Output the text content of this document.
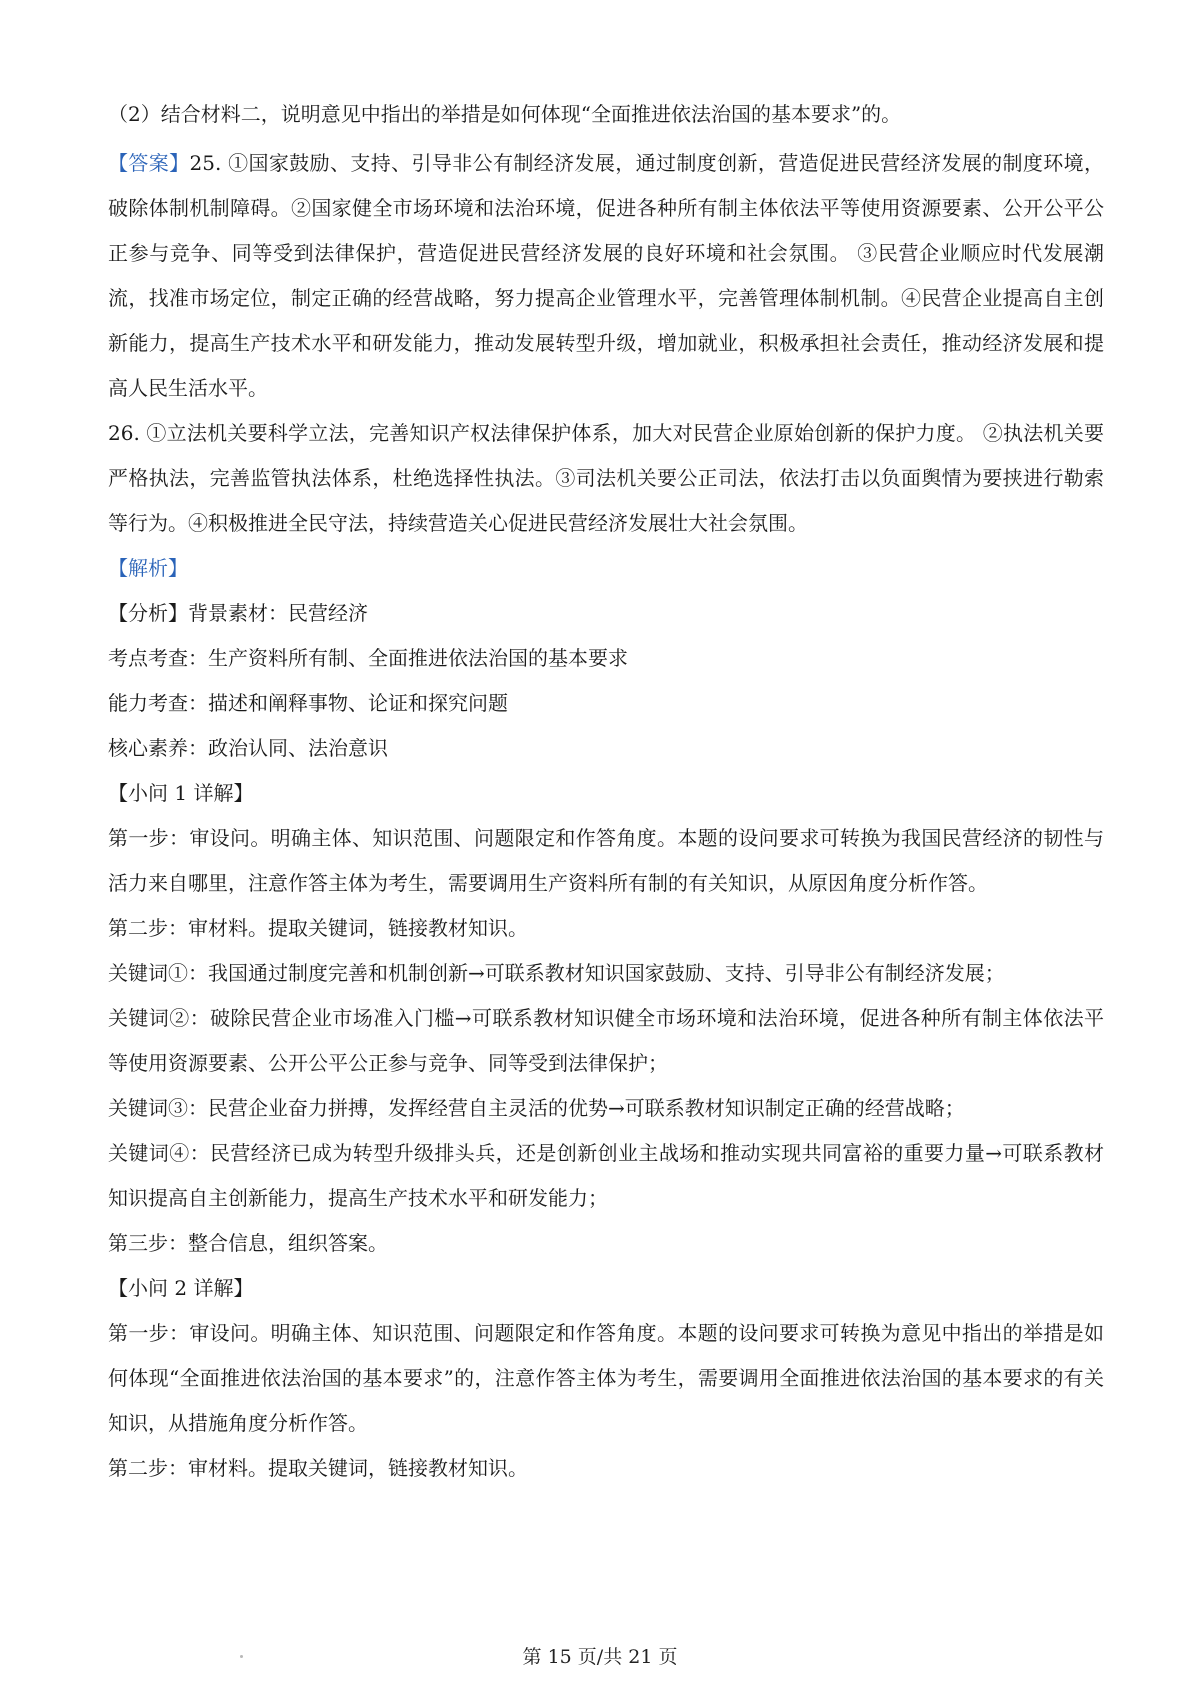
（2）结合材料二，说明意见中指出的举措是如何体现“全面推进依法治国的基本要求”的。

【答案】25. ①国家鼓励、支持、引导非公有制经济发展，通过制度创新，营造促进民营经济发展的制度环境，破除体制机制障碍。②国家健全市场环境和法治环境，促进各种所有制主体依法平等使用资源要素、公开公平公正参与竞争、同等受到法律保护，营造促进民营经济发展的良好环境和社会氛围。 ③民营企业顺应时代发展潮流，找准市场定位，制定正确的经营战略，努力提高企业管理水平，完善管理体制机制。④民营企业提高自主创新能力，提高生产技术水平和研发能力，推动发展转型升级，增加就业，积极承担社会责任，推动经济发展和提高人民生活水平。

26. ①立法机关要科学立法，完善知识产权法律保护体系，加大对民营企业原始创新的保护力度。 ②执法机关要严格执法，完善监管执法体系，杜绝选择性执法。③司法机关要公正司法，依法打击以负面舆情为要挟进行勒索等行为。④积极推进全民守法，持续营造关心促进民营经济发展壮大社会氛围。

【解析】

【分析】背景素材：民营经济

考点考查：生产资料所有制、全面推进依法治国的基本要求

能力考查：描述和阐释事物、论证和探究问题

核心素养：政治认同、法治意识

【小问 1 详解】

第一步：审设问。明确主体、知识范围、问题限定和作答角度。本题的设问要求可转换为我国民营经济的韧性与活力来自哪里，注意作答主体为考生，需要调用生产资料所有制的有关知识，从原因角度分析作答。

第二步：审材料。提取关键词，链接教材知识。

关键词①：我国通过制度完善和机制创新→可联系教材知识国家鼓励、支持、引导非公有制经济发展；

关键词②：破除民营企业市场准入门槛→可联系教材知识健全市场环境和法治环境，促进各种所有制主体依法平等使用资源要素、公开公平公正参与竞争、同等受到法律保护；

关键词③：民营企业奋力拼搏，发挥经营自主灵活的优势→可联系教材知识制定正确的经营战略；

关键词④：民营经济已成为转型升级排头兵，还是创新创业主战场和推动实现共同富裕的重要力量→可联系教材知识提高自主创新能力，提高生产技术水平和研发能力；

第三步：整合信息，组织答案。

【小问 2 详解】

第一步：审设问。明确主体、知识范围、问题限定和作答角度。本题的设问要求可转换为意见中指出的举措是如何体现“全面推进依法治国的基本要求”的，注意作答主体为考生，需要调用全面推进依法治国的基本要求的有关知识，从措施角度分析作答。

第二步：审材料。提取关键词，链接教材知识。

第 15 页/共 21 页
